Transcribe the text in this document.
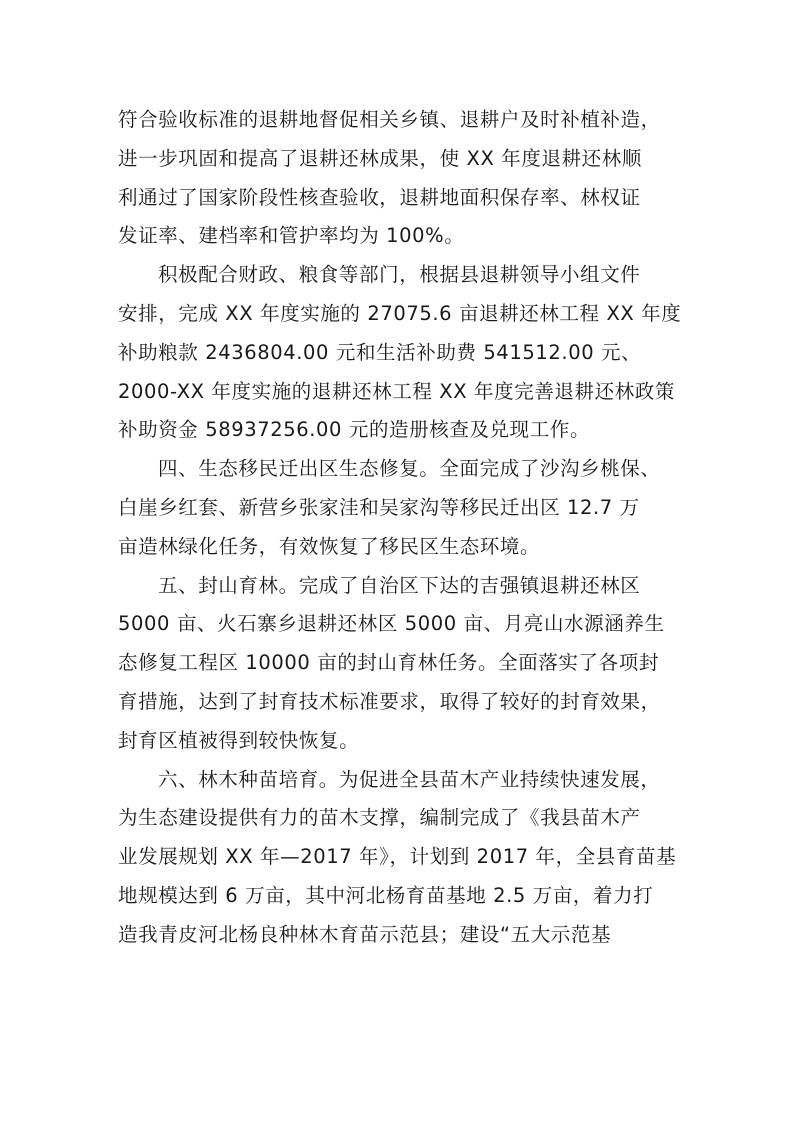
符合验收标准的退耕地督促相关乡镇、退耕户及时补植补造，
进一步巩固和提高了退耕还林成果，使 XX 年度退耕还林顺
利通过了国家阶段性核查验收，退耕地面积保存率、林权证
发证率、建档率和管护率均为 100%。
积极配合财政、粮食等部门，根据县退耕领导小组文件
安排，完成 XX 年度实施的 27075.6 亩退耕还林工程 XX 年度
补助粮款 2436804.00 元和生活补助费 541512.00 元、
2000-XX 年度实施的退耕还林工程 XX 年度完善退耕还林政策
补助资金 58937256.00 元的造册核查及兑现工作。
四、生态移民迁出区生态修复。全面完成了沙沟乡桃保、
白崖乡红套、新营乡张家洼和吴家沟等移民迁出区 12.7 万
亩造林绿化任务，有效恢复了移民区生态环境。
五、封山育林。完成了自治区下达的吉强镇退耕还林区
5000 亩、火石寨乡退耕还林区 5000 亩、月亮山水源涵养生
态修复工程区 10000 亩的封山育林任务。全面落实了各项封
育措施，达到了封育技术标准要求，取得了较好的封育效果，
封育区植被得到较快恢复。
六、林木种苗培育。为促进全县苗木产业持续快速发展，
为生态建设提供有力的苗木支撑，编制完成了《我县苗木产
业发展规划 XX 年—2017 年》，计划到 2017 年，全县育苗基
地规模达到 6 万亩，其中河北杨育苗基地 2.5 万亩，着力打
造我青皮河北杨良种林木育苗示范县；建设“五大示范基
